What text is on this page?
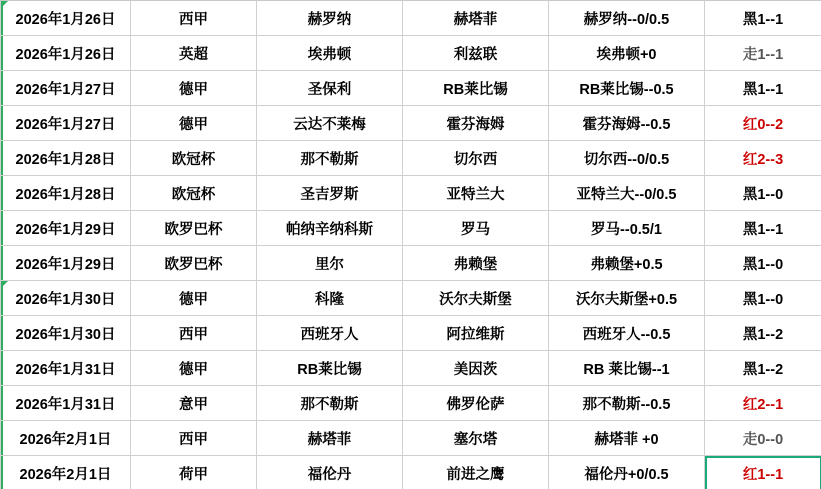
2026年1月26日	西甲	赫罗纳	赫塔菲	赫罗纳--0/0.5	黑1--1
2026年1月26日	英超	埃弗顿	利兹联	埃弗顿+0	走1--1
2026年1月27日	德甲	圣保利	RB莱比锡	RB莱比锡--0.5	黑1--1
2026年1月27日	德甲	云达不莱梅	霍芬海姆	霍芬海姆--0.5	红0--2
2026年1月28日	欧冠杯	那不勒斯	切尔西	切尔西--0/0.5	红2--3
2026年1月28日	欧冠杯	圣吉罗斯	亚特兰大	亚特兰大--0/0.5	黑1--0
2026年1月29日	欧罗巴杯	帕纳辛纳科斯	罗马	罗马--0.5/1	黑1--1
2026年1月29日	欧罗巴杯	里尔	弗赖堡	弗赖堡+0.5	黑1--0
2026年1月30日	德甲	科隆	沃尔夫斯堡	沃尔夫斯堡+0.5	黑1--0
2026年1月30日	西甲	西班牙人	阿拉维斯	西班牙人--0.5	黑1--2
2026年1月31日	德甲	RB莱比锡	美因茨	RB 莱比锡--1	黑1--2
2026年1月31日	意甲	那不勒斯	佛罗伦萨	那不勒斯--0.5	红2--1
2026年2月1日	西甲	赫塔菲	塞尔塔	赫塔菲 +0	走0--0
2026年2月1日	荷甲	福伦丹	前进之鹰	福伦丹+0/0.5	红1--1
